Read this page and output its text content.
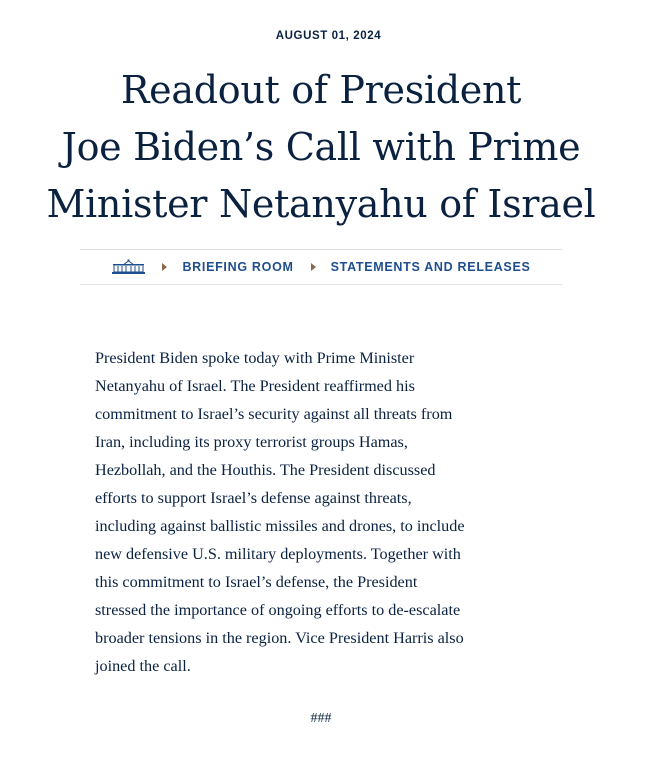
AUGUST 01, 2024
Readout of President
Joe Biden’s Call with Prime
Minister Netanyahu of Israel
BRIEFING ROOM	STATEMENTS AND RELEASES
President Biden spoke today with Prime Minister
Netanyahu of Israel. The President reaffirmed his
commitment to Israel’s security against all threats from
Iran, including its proxy terrorist groups Hamas,
Hezbollah, and the Houthis. The President discussed
efforts to support Israel’s defense against threats,
including against ballistic missiles and drones, to include
new defensive U.S. military deployments. Together with
this commitment to Israel’s defense, the President
stressed the importance of ongoing efforts to de-escalate
broader tensions in the region. Vice President Harris also
joined the call.
###
